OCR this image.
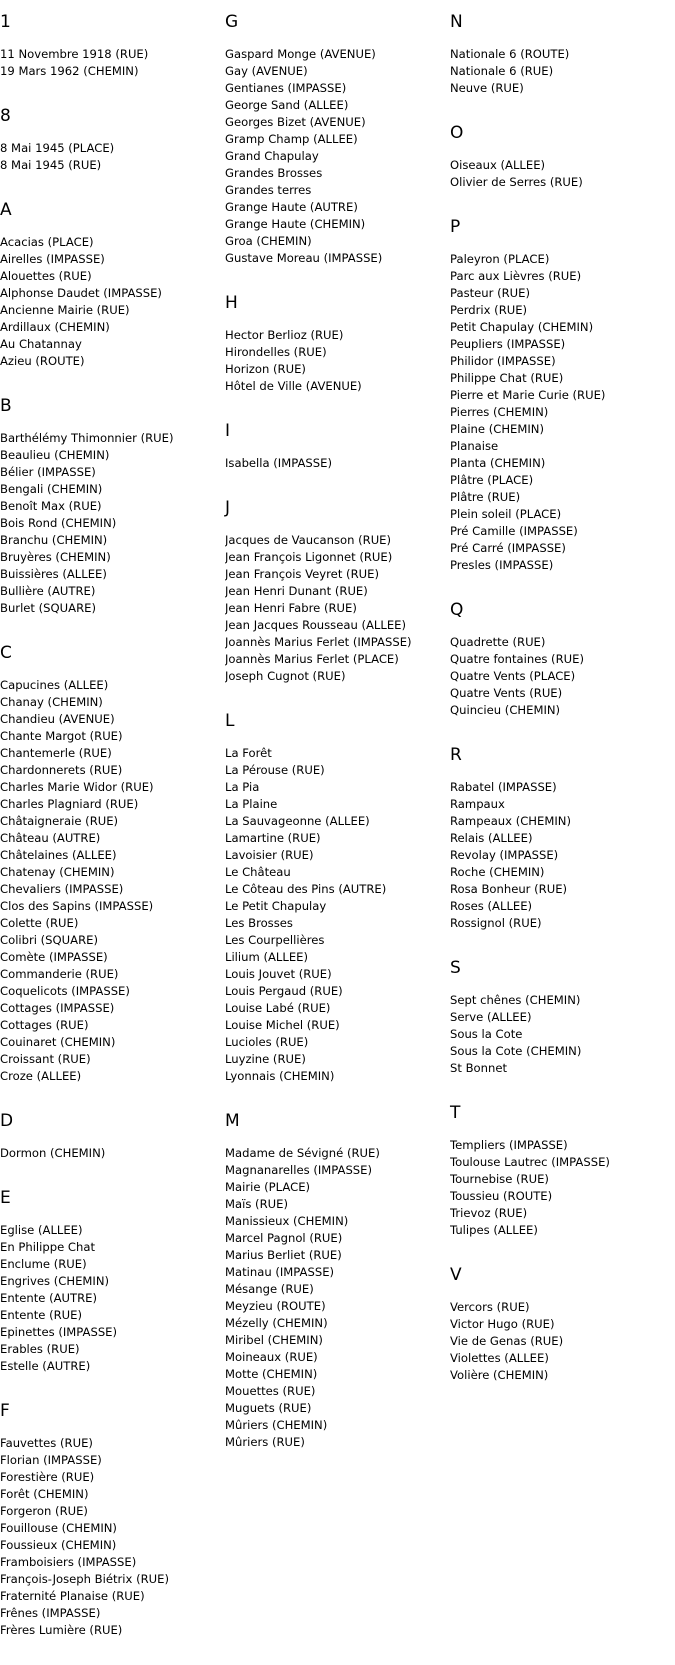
1
11 Novembre 1918 (RUE)
19 Mars 1962 (CHEMIN)
8
8 Mai 1945 (PLACE)
8 Mai 1945 (RUE)
A
Acacias (PLACE)
Airelles (IMPASSE)
Alouettes (RUE)
Alphonse Daudet (IMPASSE)
Ancienne Mairie (RUE)
Ardillaux (CHEMIN)
Au Chatannay
Azieu (ROUTE)
B
Barthélémy Thimonnier (RUE)
Beaulieu (CHEMIN)
Bélier (IMPASSE)
Bengali (CHEMIN)
Benoît Max (RUE)
Bois Rond (CHEMIN)
Branchu (CHEMIN)
Bruyères (CHEMIN)
Buissières (ALLEE)
Bullière (AUTRE)
Burlet (SQUARE)
C
Capucines (ALLEE)
Chanay (CHEMIN)
Chandieu (AVENUE)
Chante Margot (RUE)
Chantemerle (RUE)
Chardonnerets (RUE)
Charles Marie Widor (RUE)
Charles Plagniard (RUE)
Châtaigneraie (RUE)
Château (AUTRE)
Châtelaines (ALLEE)
Chatenay (CHEMIN)
Chevaliers (IMPASSE)
Clos des Sapins (IMPASSE)
Colette (RUE)
Colibri (SQUARE)
Comète (IMPASSE)
Commanderie (RUE)
Coquelicots (IMPASSE)
Cottages (IMPASSE)
Cottages (RUE)
Couinaret (CHEMIN)
Croissant (RUE)
Croze (ALLEE)
D
Dormon (CHEMIN)
E
Eglise (ALLEE)
En Philippe Chat
Enclume (RUE)
Engrives (CHEMIN)
Entente (AUTRE)
Entente (RUE)
Epinettes (IMPASSE)
Erables (RUE)
Estelle (AUTRE)
F
Fauvettes (RUE)
Florian (IMPASSE)
Forestière (RUE)
Forêt (CHEMIN)
Forgeron (RUE)
Fouillouse (CHEMIN)
Foussieux (CHEMIN)
Framboisiers (IMPASSE)
François-Joseph Biétrix (RUE)
Fraternité Planaise (RUE)
Frênes (IMPASSE)
Frères Lumière (RUE)
G
Gaspard Monge (AVENUE)
Gay (AVENUE)
Gentianes (IMPASSE)
George Sand (ALLEE)
Georges Bizet (AVENUE)
Gramp Champ (ALLEE)
Grand Chapulay
Grandes Brosses
Grandes terres
Grange Haute (AUTRE)
Grange Haute (CHEMIN)
Groa (CHEMIN)
Gustave Moreau (IMPASSE)
H
Hector Berlioz (RUE)
Hirondelles (RUE)
Horizon (RUE)
Hôtel de Ville (AVENUE)
I
Isabella (IMPASSE)
J
Jacques de Vaucanson (RUE)
Jean François Ligonnet (RUE)
Jean François Veyret (RUE)
Jean Henri Dunant (RUE)
Jean Henri Fabre (RUE)
Jean Jacques Rousseau (ALLEE)
Joannès Marius Ferlet (IMPASSE)
Joannès Marius Ferlet (PLACE)
Joseph Cugnot (RUE)
L
La Forêt
La Pérouse (RUE)
La Pia
La Plaine
La Sauvageonne (ALLEE)
Lamartine (RUE)
Lavoisier (RUE)
Le Château
Le Côteau des Pins (AUTRE)
Le Petit Chapulay
Les Brosses
Les Courpellières
Lilium (ALLEE)
Louis Jouvet (RUE)
Louis Pergaud (RUE)
Louise Labé (RUE)
Louise Michel (RUE)
Lucioles (RUE)
Luyzine (RUE)
Lyonnais (CHEMIN)
M
Madame de Sévigné (RUE)
Magnanarelles (IMPASSE)
Mairie (PLACE)
Maïs (RUE)
Manissieux (CHEMIN)
Marcel Pagnol (RUE)
Marius Berliet (RUE)
Matinau (IMPASSE)
Mésange (RUE)
Meyzieu (ROUTE)
Mézelly (CHEMIN)
Miribel (CHEMIN)
Moineaux (RUE)
Motte (CHEMIN)
Mouettes (RUE)
Muguets (RUE)
Mûriers (CHEMIN)
Mûriers (RUE)
N
Nationale 6 (ROUTE)
Nationale 6 (RUE)
Neuve (RUE)
O
Oiseaux (ALLEE)
Olivier de Serres (RUE)
P
Paleyron (PLACE)
Parc aux Lièvres (RUE)
Pasteur (RUE)
Perdrix (RUE)
Petit Chapulay (CHEMIN)
Peupliers (IMPASSE)
Philidor (IMPASSE)
Philippe Chat (RUE)
Pierre et Marie Curie (RUE)
Pierres (CHEMIN)
Plaine (CHEMIN)
Planaise
Planta (CHEMIN)
Plâtre (PLACE)
Plâtre (RUE)
Plein soleil (PLACE)
Pré Camille (IMPASSE)
Pré Carré (IMPASSE)
Presles (IMPASSE)
Q
Quadrette (RUE)
Quatre fontaines (RUE)
Quatre Vents (PLACE)
Quatre Vents (RUE)
Quincieu (CHEMIN)
R
Rabatel (IMPASSE)
Rampaux
Rampeaux (CHEMIN)
Relais (ALLEE)
Revolay (IMPASSE)
Roche (CHEMIN)
Rosa Bonheur (RUE)
Roses (ALLEE)
Rossignol (RUE)
S
Sept chênes (CHEMIN)
Serve (ALLEE)
Sous la Cote
Sous la Cote (CHEMIN)
St Bonnet
T
Templiers (IMPASSE)
Toulouse Lautrec (IMPASSE)
Tournebise (RUE)
Toussieu (ROUTE)
Trievoz (RUE)
Tulipes (ALLEE)
V
Vercors (RUE)
Victor Hugo (RUE)
Vie de Genas (RUE)
Violettes (ALLEE)
Volière (CHEMIN)
